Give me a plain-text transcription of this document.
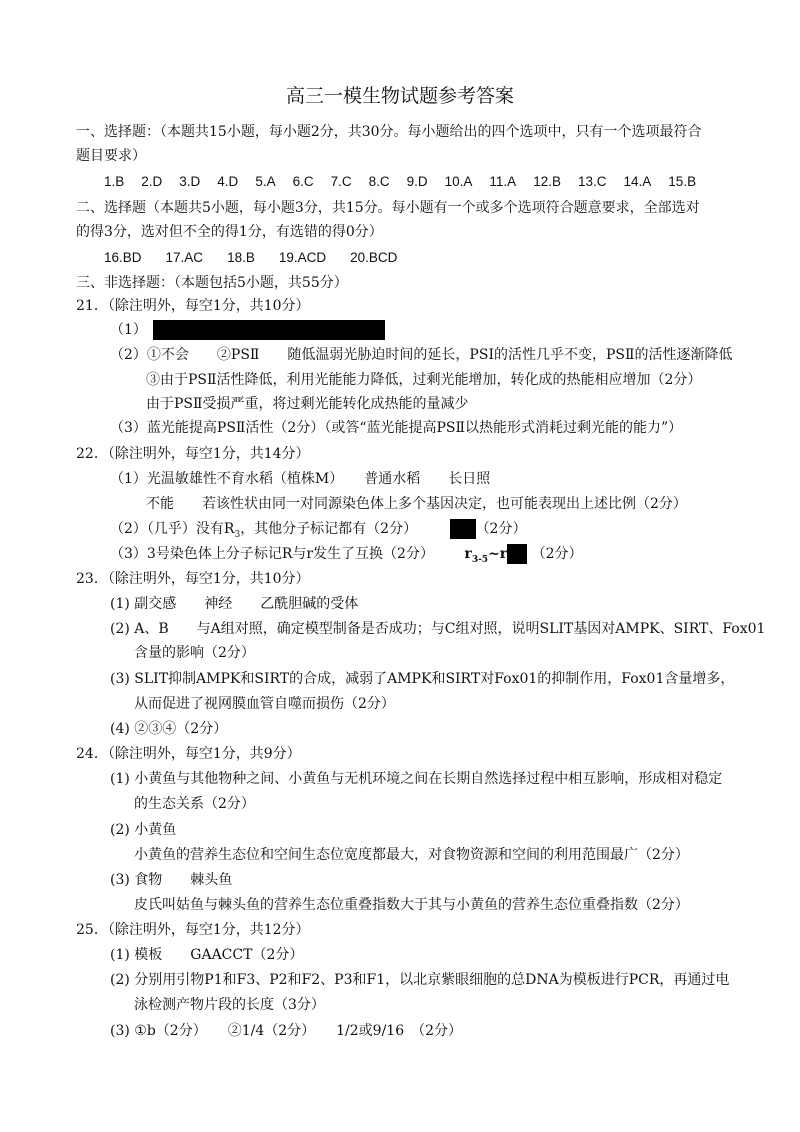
高三一模生物试题参考答案
一、选择题：（本题共15小题，每小题2分，共30分。每小题给出的四个选项中，只有一个选项最符合
题目要求）
1.B 2.D 3.D 4.D 5.A 6.C 7.C 8.C 9.D 10.A 11.A 12.B 13.C 14.A 15.B
二、选择题（本题共5小题，每小题3分，共15分。每小题有一个或多个选项符合题意要求，全部选对
的得3分，选对但不全的得1分，有选错的得0分）
16.BD 17.AC 18.B 19.ACD 20.BCD
三、非选择题：（本题包括5小题，共55分）
21．（除注明外，每空1分，共10分）
（1）
（2）①不会　　②PSⅡ　　随低温弱光胁迫时间的延长，PSⅠ的活性几乎不变，PSⅡ的活性逐渐降低
③由于PSⅡ活性降低，利用光能能力降低，过剩光能增加，转化成的热能相应增加（2分）
由于PSⅡ受损严重，将过剩光能转化成热能的量减少
（3）蓝光能提高PSⅡ活性（2分）（或答“蓝光能提高PSⅡ以热能形式消耗过剩光能的能力”）
22．（除注明外，每空1分，共14分）
（1）光温敏雄性不育水稻（植株M）　　普通水稻　　长日照
不能　　若该性状由同一对同源染色体上多个基因决定，也可能表现出上述比例（2分）
（2）（几乎）没有$R_3$，其他分子标记都有（2分）	（2分）
（3）3号染色体上分子标记R与r发生了互换（2分） $r_{3-5}\sim r$ （2分）
23．（除注明外，每空1分，共10分）
(1) 副交感　　神经　　乙酰胆碱的受体
(2) A、B　　与A组对照，确定模型制备是否成功；与C组对照，说明SLIT基因对AMPK、SIRT、Fox01
含量的影响（2分）
(3) SLIT抑制AMPK和SIRT的合成，减弱了AMPK和SIRT对Fox01的抑制作用，Fox01含量增多，
从而促进了视网膜血管自噬而损伤（2分）
(4) ②③④（2分）
24．（除注明外，每空1分，共9分）
(1) 小黄鱼与其他物种之间、小黄鱼与无机环境之间在长期自然选择过程中相互影响，形成相对稳定
的生态关系（2分）
(2) 小黄鱼
小黄鱼的营养生态位和空间生态位宽度都最大，对食物资源和空间的利用范围最广（2分）
(3) 食物　　棘头鱼
皮氏叫姑鱼与棘头鱼的营养生态位重叠指数大于其与小黄鱼的营养生态位重叠指数（2分）
25．（除注明外，每空1分，共12分）
(1) 模板　　GAACCT（2分）
(2) 分别用引物P1和F3、P2和F2、P3和F1，以北京紫眼细胞的总DNA为模板进行PCR，再通过电
泳检测产物片段的长度（3分）
(3) ①b（2分）　　②1/4（2分）　　1/2或9/16　（2分）
